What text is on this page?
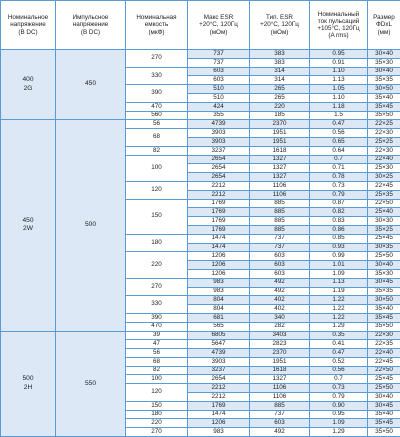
Номинальное
напряжение
(В DC)	Импульсное
напряжение
(В DC)	Номинальная
емкость
(мкФ)	Макс ESR
+20°C, 120Гц
(мОм)	Тип. ESR
+20°C, 120Гц
(мОм)	Номинальный
ток пульсаций
+105°C, 120Гц
(A rms)	Размер
ФDxL
(мм)

400
2G	450	270	737	383	0.95	30×40
			737	383	0.91	35×30
		330	603	314	1.10	30×40
			603	314	1.13	35×35
		390	510	265	1.05	30×50
			510	265	1.10	35×40
		470	424	220	1.18	35×45
		560	355	185	1.5	35×50

450
2W	500	56	4739	2370	0.47	22×25
		68	3903	1951	0.56	22×30
			3903	1951	0.65	25×25
		82	3237	1618	0.64	22×30
		100	2654	1327	0.7	22×40
			2654	1327	0.71	25×30
			2654	1327	0.78	30×25
		120	2212	1106	0.73	22×45
			2212	1106	0.79	25×35
		150	1769	885	0.87	22×50
			1769	885	0.82	25×40
			1769	885	0.83	30×30
			1769	885	0.86	35×25
		180	1474	737	0.85	25×45
			1474	737	0.93	30×35
		220	1206	603	0.99	25×50
			1206	603	1.01	30×40
			1206	603	1.09	35×30
		270	983	492	1.13	30×45
			983	492	1.19	35×35
		330	804	402	1.22	30×50
			804	402	1.22	35×40
		390	681	340	1.22	35×45
		470	565	282	1.29	35×50

500
2H	550	39	6805	3403	0.35	22×30
		47	5647	2823	0.41	22×35
		56	4739	2370	0.47	22×40
		68	3903	1951	0.52	22×45
		82	3237	1618	0.56	22×50
		100	2654	1327	0.7	25×45
		120	2212	1106	0.73	25×50
			2212	1106	0.79	30×40
		150	1769	885	0.90	30×45
		180	1474	737	0.95	35×40
		220	1206	603	1.09	35×45
		270	983	492	1.29	35×50
